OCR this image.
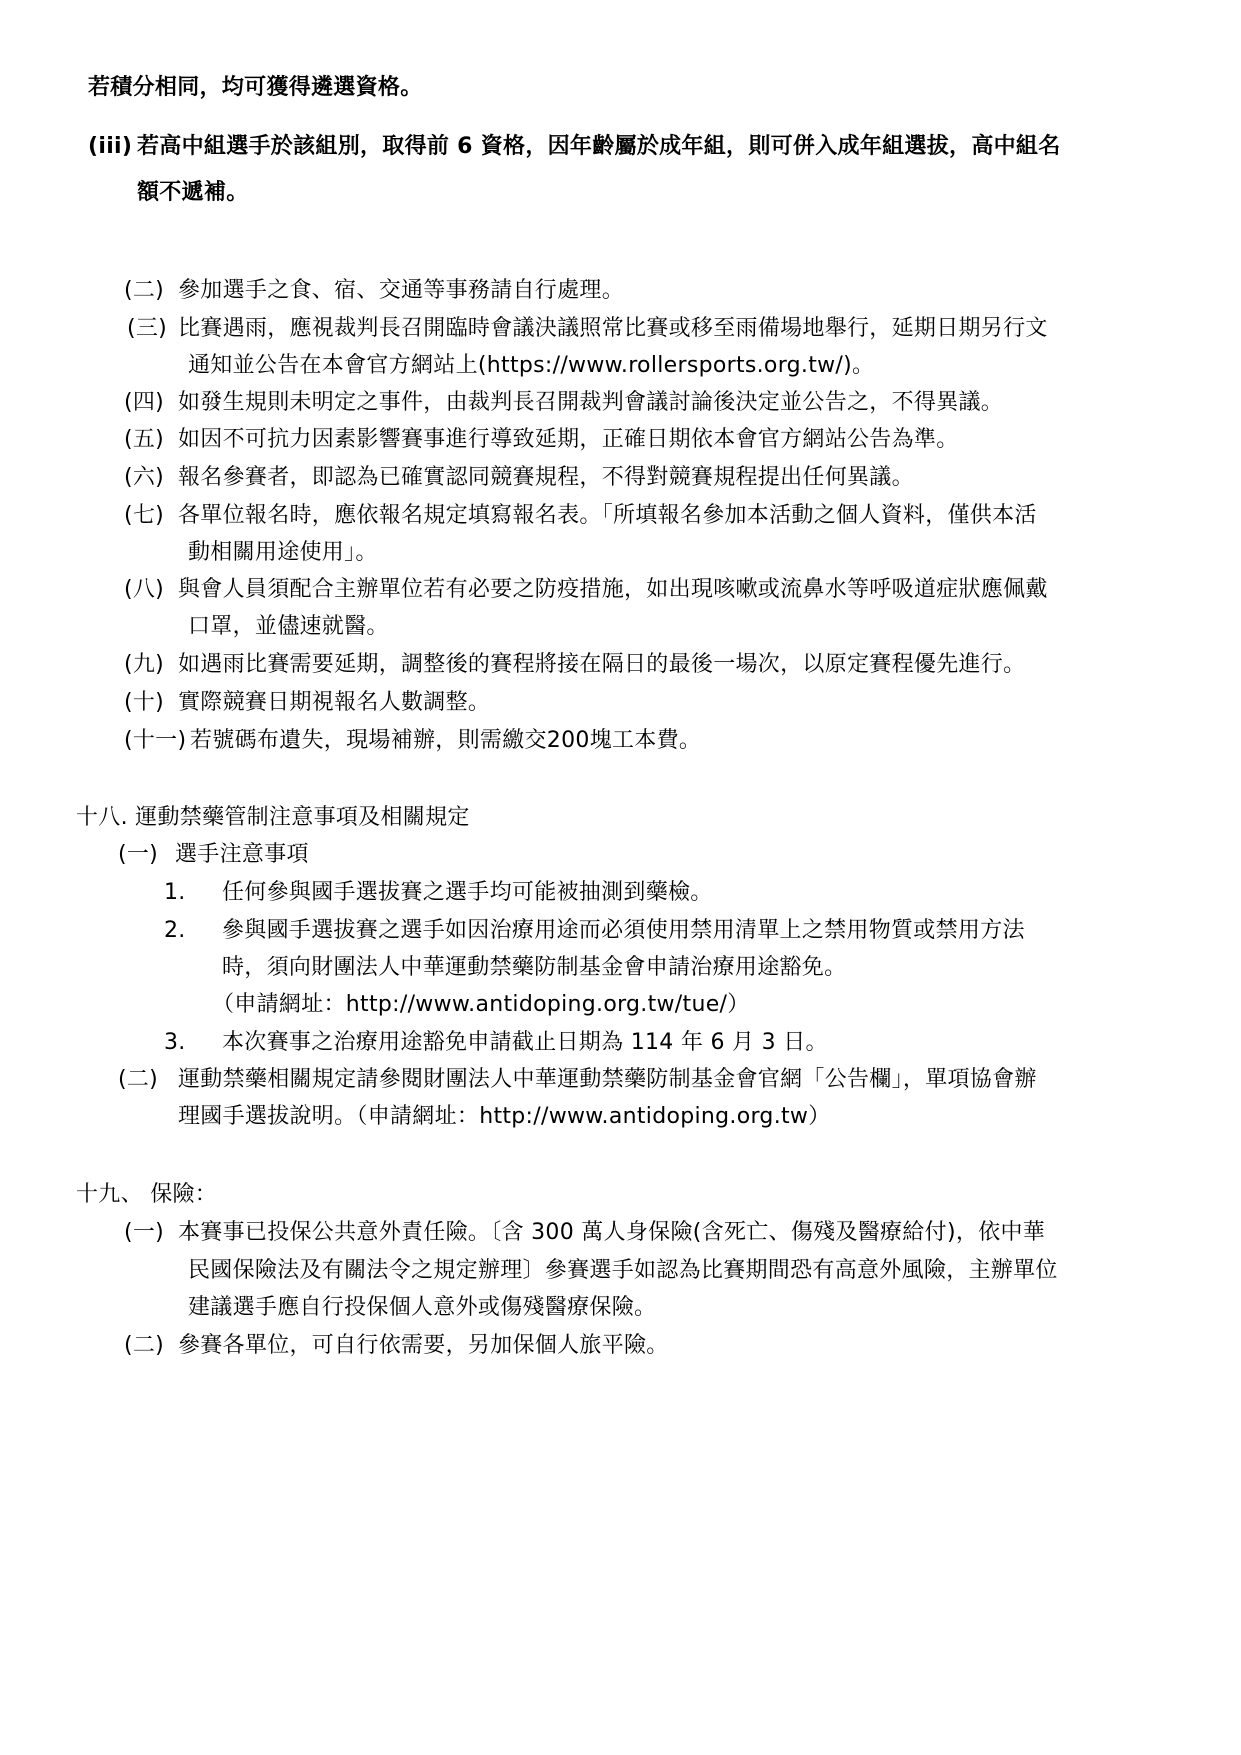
若積分相同，均可獲得遴選資格。
(iii) 若高中組選手於該組別，取得前 6 資格，因年齡屬於成年組，則可併入成年組選拔，高中組名
額不遞補。
(二) 參加選手之食、宿、交通等事務請自行處理。
(三) 比賽遇雨，應視裁判長召開臨時會議決議照常比賽或移至雨備場地舉行，延期日期另行文
通知並公告在本會官方網站上(https://www.rollersports.org.tw/)。
(四) 如發生規則未明定之事件，由裁判長召開裁判會議討論後決定並公告之，不得異議。
(五) 如因不可抗力因素影響賽事進行導致延期，正確日期依本會官方網站公告為準。
(六) 報名參賽者，即認為已確實認同競賽規程，不得對競賽規程提出任何異議。
(七) 各單位報名時，應依報名規定填寫報名表。「所填報名參加本活動之個人資料，僅供本活
動相關用途使用」。
(八) 與會人員須配合主辦單位若有必要之防疫措施，如出現咳嗽或流鼻水等呼吸道症狀應佩戴
口罩，並儘速就醫。
(九) 如遇雨比賽需要延期，調整後的賽程將接在隔日的最後一場次，以原定賽程優先進行。
(十) 實際競賽日期視報名人數調整。
(十一) 若號碼布遺失，現場補辦，則需繳交200塊工本費。
十八. 運動禁藥管制注意事項及相關規定
(一) 選手注意事項
1. 任何參與國手選拔賽之選手均可能被抽測到藥檢。
2. 參與國手選拔賽之選手如因治療用途而必須使用禁用清單上之禁用物質或禁用方法
時，須向財團法人中華運動禁藥防制基金會申請治療用途豁免。
（申請網址：http://www.antidoping.org.tw/tue/）
3. 本次賽事之治療用途豁免申請截止日期為 114 年 6 月 3 日。
(二) 運動禁藥相關規定請參閱財團法人中華運動禁藥防制基金會官網「公告欄」，單項協會辦
理國手選拔說明。（申請網址：http://www.antidoping.org.tw）
十九、 保險：
(一) 本賽事已投保公共意外責任險。〔含 300 萬人身保險(含死亡、傷殘及醫療給付)，依中華
民國保險法及有關法令之規定辦理〕參賽選手如認為比賽期間恐有高意外風險，主辦單位
建議選手應自行投保個人意外或傷殘醫療保險。
(二) 參賽各單位，可自行依需要，另加保個人旅平險。
